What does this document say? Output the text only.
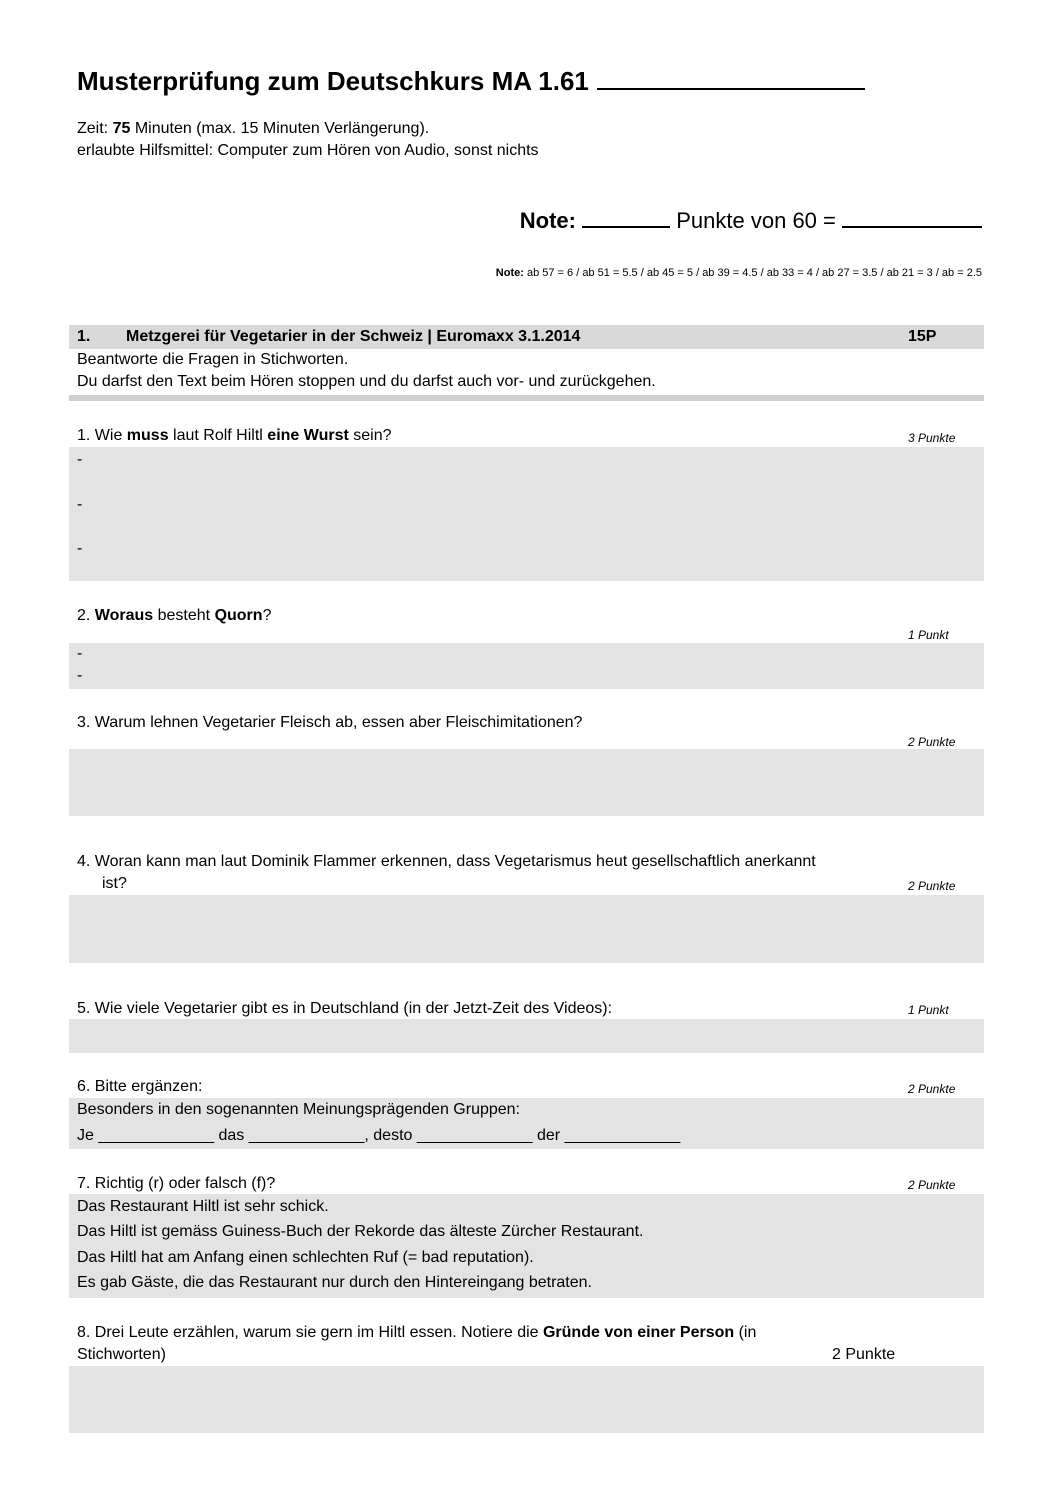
Musterprüfung zum Deutschkurs MA 1.61
Zeit: 75 Minuten (max. 15 Minuten Verlängerung).
erlaubte Hilfsmittel: Computer zum Hören von Audio, sonst nichts
Note:	Punkte von 60 =
Note: ab 57 = 6 / ab 51 = 5.5 / ab 45 = 5 / ab 39 = 4.5 / ab 33 = 4 / ab 27 = 3.5 / ab 21 = 3 / ab = 2.5
1. Metzgerei für Vegetarier in der Schweiz | Euromaxx 3.1.2014	15P
Beantworte die Fragen in Stichworten.
Du darfst den Text beim Hören stoppen und du darfst auch vor- und zurückgehen.
1. Wie muss laut Rolf Hiltl eine Wurst sein?	3 Punkte
-
-
-
2. Woraus besteht Quorn?
1 Punkt
-
-
3. Warum lehnen Vegetarier Fleisch ab, essen aber Fleischimitationen?
2 Punkte
4. Woran kann man laut Dominik Flammer erkennen, dass Vegetarismus heut gesellschaftlich anerkannt
ist?	2 Punkte
5. Wie viele Vegetarier gibt es in Deutschland (in der Jetzt-Zeit des Videos):	1 Punkt
6. Bitte ergänzen:	2 Punkte
Besonders in den sogenannten Meinungsprägenden Gruppen:
Je _____________ das _____________, desto _____________ der _____________
7. Richtig (r) oder falsch (f)?	2 Punkte
Das Restaurant Hiltl ist sehr schick.
Das Hiltl ist gemäss Guiness-Buch der Rekorde das älteste Zürcher Restaurant.
Das Hiltl hat am Anfang einen schlechten Ruf (= bad reputation).
Es gab Gäste, die das Restaurant nur durch den Hintereingang betraten.
8. Drei Leute erzählen, warum sie gern im Hiltl essen. Notiere die Gründe von einer Person (in
Stichworten)	2 Punkte
